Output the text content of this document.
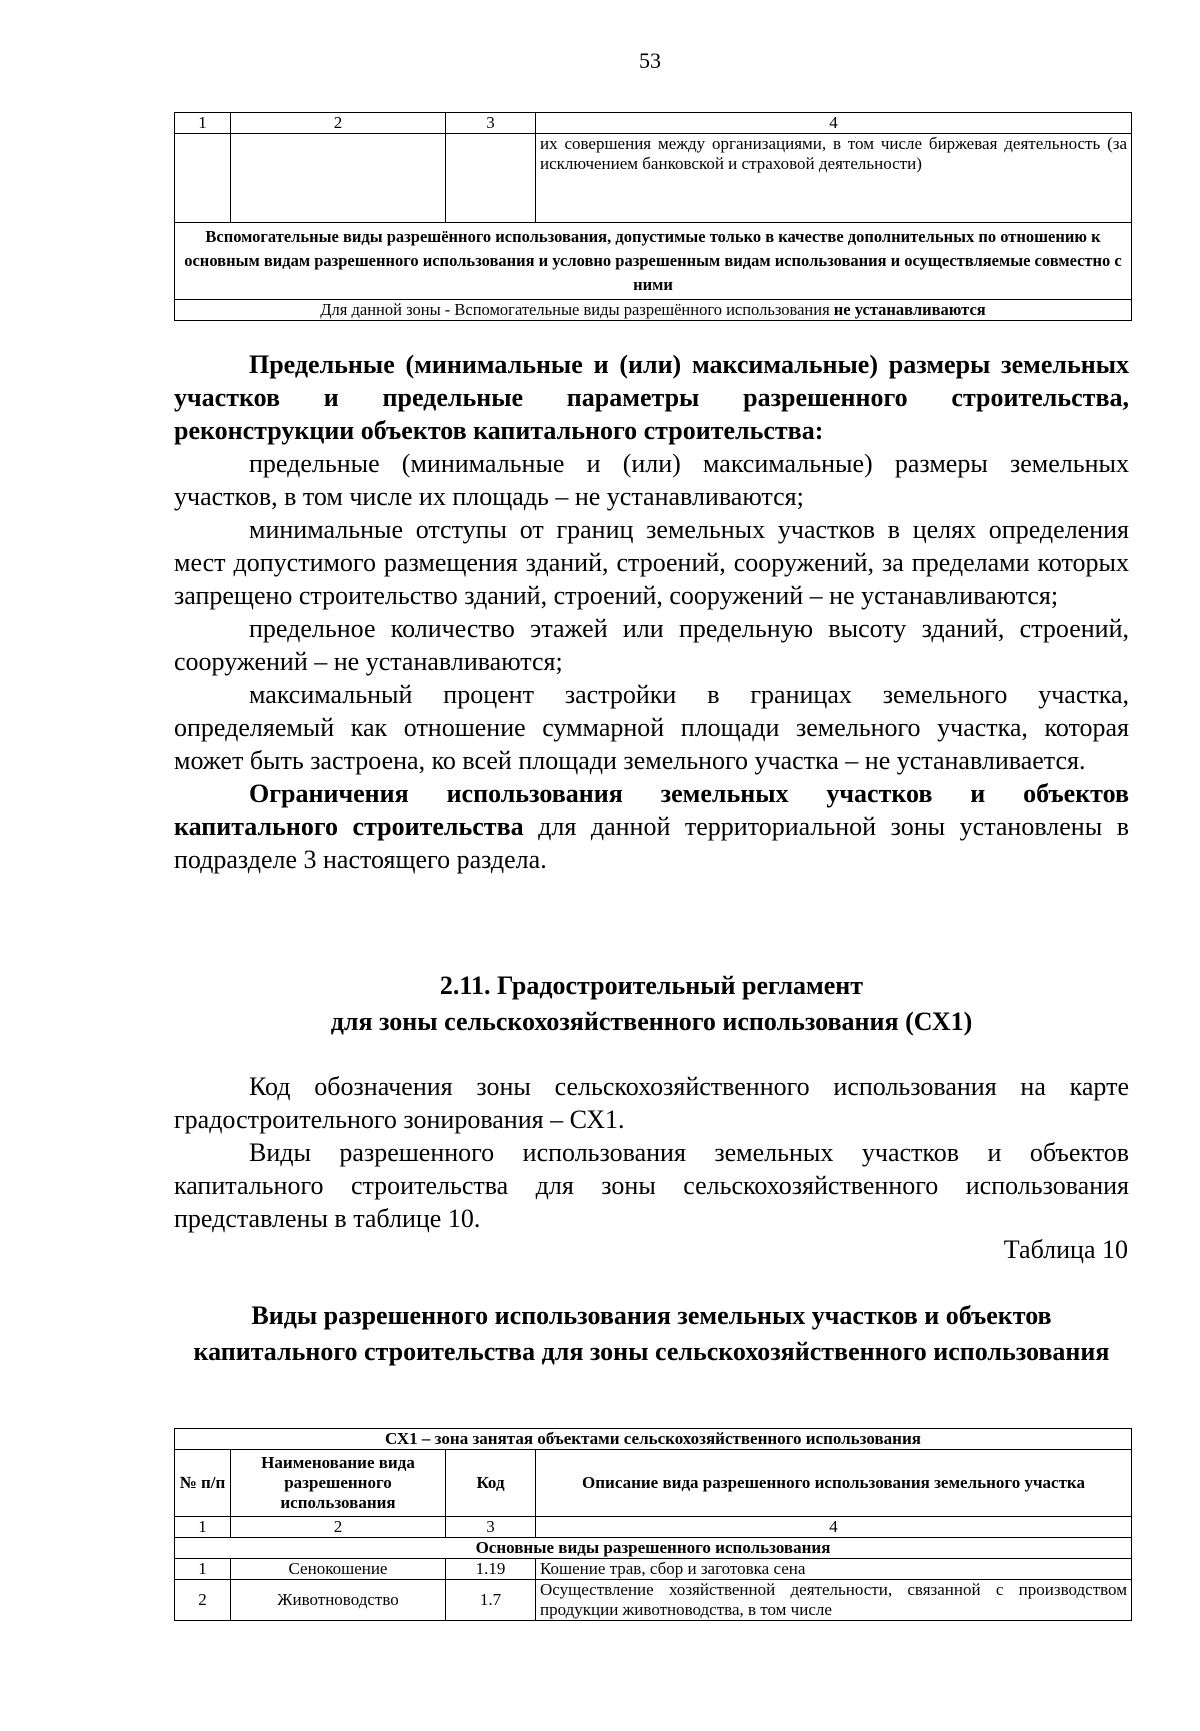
53
1	2	3	4
			их совершения между организациями, в том числе биржевая деятельность (за исключением банковской и страховой деятельности)
Вспомогательные виды разрешённого использования, допустимые только в качестве дополнительных по отношению к основным видам разрешенного использования и условно разрешенным видам использования и осуществляемые совместно с ними			
Для данной зоны - Вспомогательные виды разрешённого использования не устанавливаются			

Предельные (минимальные и (или) максимальные) размеры земельных участков и предельные параметры разрешенного строительства, реконструкции объектов капитального строительства:

предельные (минимальные и (или) максимальные) размеры земельных участков, в том числе их площадь – не устанавливаются;

минимальные отступы от границ земельных участков в целях определения мест допустимого размещения зданий, строений, сооружений, за пределами которых запрещено строительство зданий, строений, сооружений – не устанавливаются;

предельное количество этажей или предельную высоту зданий, строений, сооружений – не устанавливаются;

максимальный процент застройки в границах земельного участка, определяемый как отношение суммарной площади земельного участка, которая может быть застроена, ко всей площади земельного участка – не устанавливается.

Ограничения использования земельных участков и объектов капитального строительства для данной территориальной зоны установлены в подразделе 3 настоящего раздела.

2.11. Градостроительный регламент
для зоны сельскохозяйственного использования (СХ1)

Код обозначения зоны сельскохозяйственного использования на карте градостроительного зонирования – СХ1.

Виды разрешенного использования земельных участков и объектов капитального строительства для зоны сельскохозяйственного использования представлены в таблице 10.

Таблица 10
Виды разрешенного использования земельных участков и объектов капитального строительства для зоны сельскохозяйственного использования
СХ1 – зона занятая объектами сельскохозяйственного использования			
№ п/п	Наименование вида разрешенного использования	Код	Описание вида разрешенного использования земельного участка
1	2	3	4
Основные виды разрешенного использования			
1	Сенокошение	1.19	Кошение трав, сбор и заготовка сена
2	Животноводство	1.7	Осуществление хозяйственной деятельности, связанной с производством продукции животноводства, в том числе
